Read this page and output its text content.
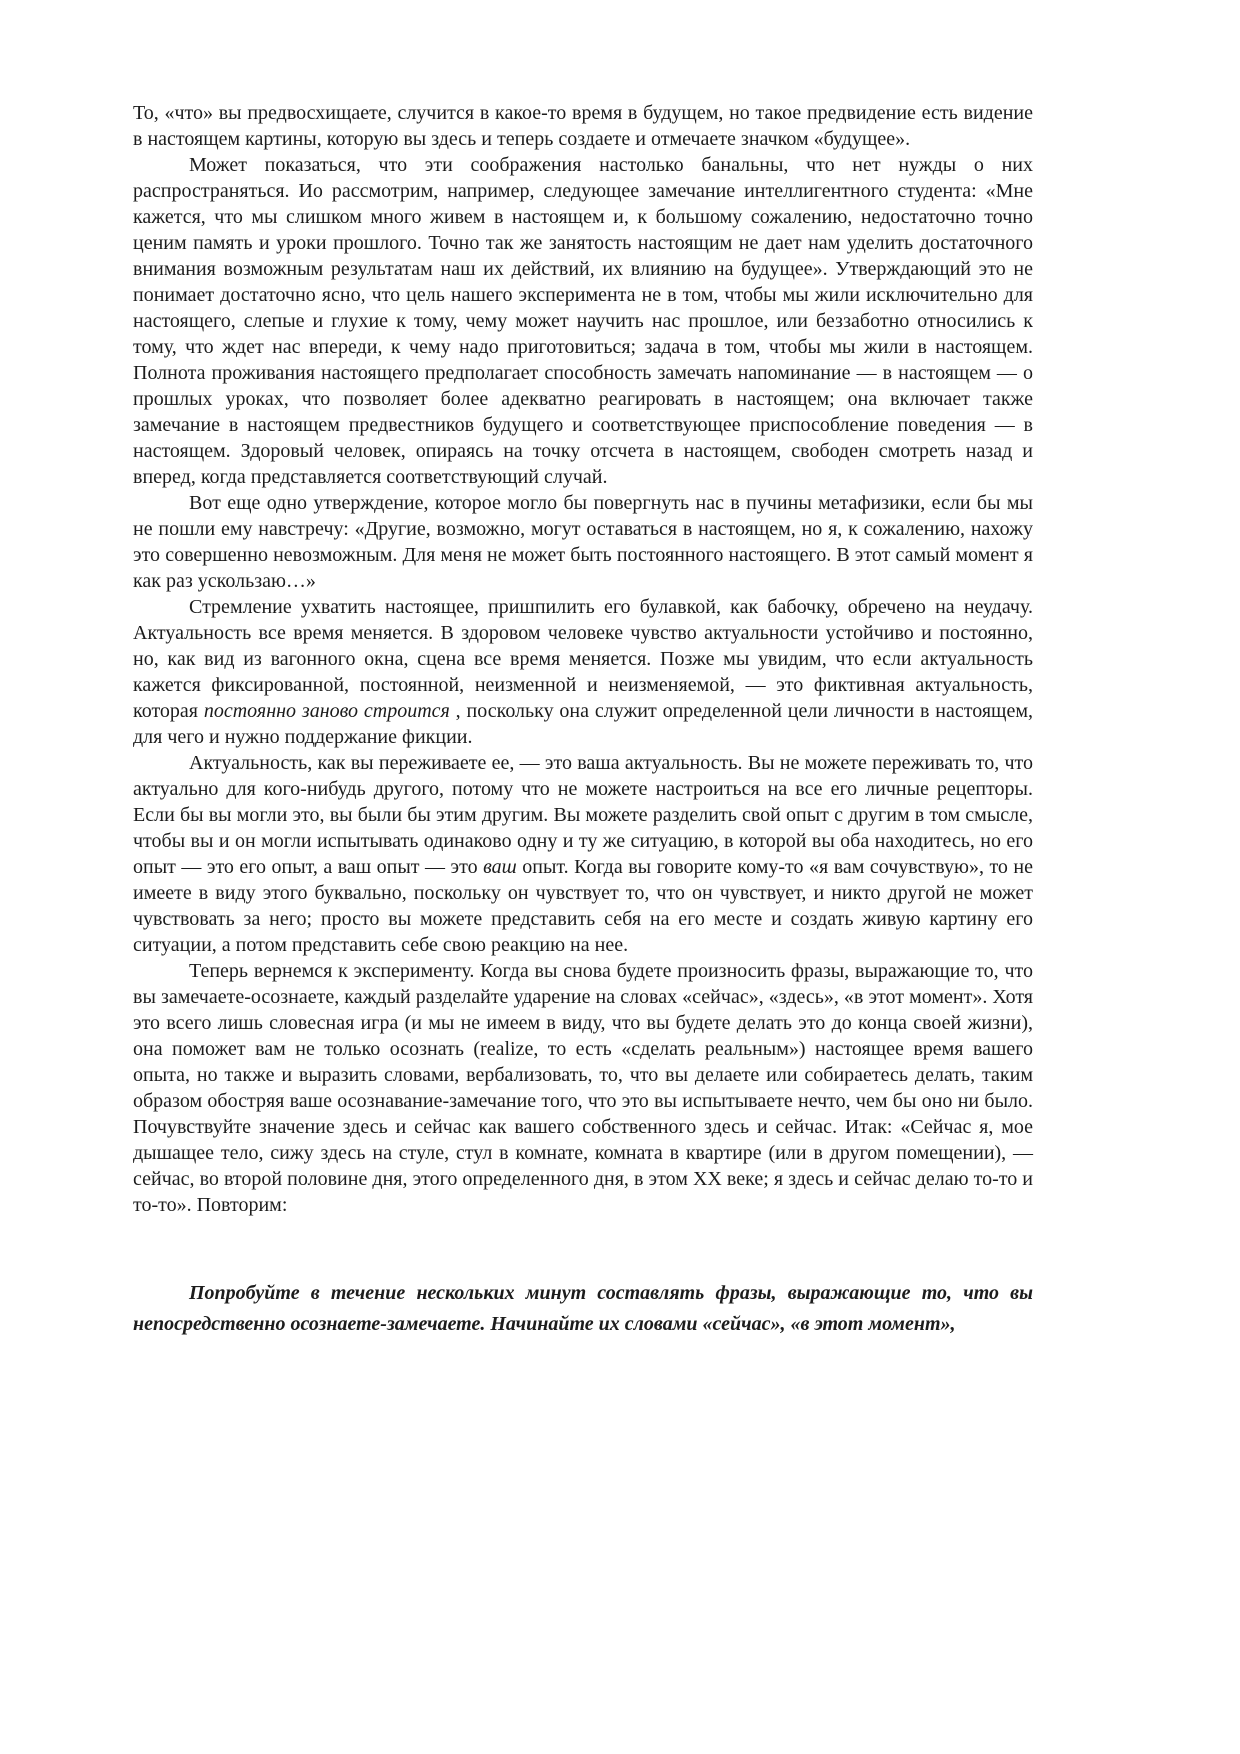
То, «что» вы предвосхищаете, случится в какое-то время в будущем, но такое предвидение есть видение в настоящем картины, которую вы здесь и теперь создаете и отмечаете значком «будущее».

Может показаться, что эти соображения настолько банальны, что нет нужды о них распространяться. Ио рассмотрим, например, следующее замечание интеллигентного студента: «Мне кажется, что мы слишком много живем в настоящем и, к большому сожалению, недостаточно точно ценим память и уроки прошлого. Точно так же занятость настоящим не дает нам уделить достаточного внимания возможным результатам наш их действий, их влиянию на будущее». Утверждающий это не понимает достаточно ясно, что цель нашего эксперимента не в том, чтобы мы жили исключительно для настоящего, слепые и глухие к тому, чему может научить нас прошлое, или беззаботно относились к тому, что ждет нас впереди, к чему надо приготовиться; задача в том, чтобы мы жили в настоящем. Полнота проживания настоящего предполагает способность замечать напоминание — в настоящем — о прошлых уроках, что позволяет более адекватно реагировать в настоящем; она включает также замечание в настоящем предвестников будущего и соответствующее приспособление поведения — в настоящем. Здоровый человек, опираясь на точку отсчета в настоящем, свободен смотреть назад и вперед, когда представляется соответствующий случай.

Вот еще одно утверждение, которое могло бы повергнуть нас в пучины метафизики, если бы мы не пошли ему навстречу: «Другие, возможно, могут оставаться в настоящем, но я, к сожалению, нахожу это совершенно невозможным. Для меня не может быть постоянного настоящего. В этот самый момент я как раз ускользаю…»

Стремление ухватить настоящее, пришпилить его булавкой, как бабочку, обречено на неудачу. Актуальность все время меняется. В здоровом человеке чувство актуальности устойчиво и постоянно, но, как вид из вагонного окна, сцена все время меняется. Позже мы увидим, что если актуальность кажется фиксированной, постоянной, неизменной и неизменяемой, — это фиктивная актуальность, которая постоянно заново строится , поскольку она служит определенной цели личности в настоящем, для чего и нужно поддержание фикции.

Актуальность, как вы переживаете ее, — это ваша актуальность. Вы не можете переживать то, что актуально для кого-нибудь другого, потому что не можете настроиться на все его личные рецепторы. Если бы вы могли это, вы были бы этим другим. Вы можете разделить свой опыт с другим в том смысле, чтобы вы и он могли испытывать одинаково одну и ту же ситуацию, в которой вы оба находитесь, но его опыт — это его опыт, а ваш опыт — это ваш опыт. Когда вы говорите кому-то «я вам сочувствую», то не имеете в виду этого буквально, поскольку он чувствует то, что он чувствует, и никто другой не может чувствовать за него; просто вы можете представить себя на его месте и создать живую картину его ситуации, а потом представить себе свою реакцию на нее.

Теперь вернемся к эксперименту. Когда вы снова будете произносить фразы, выражающие то, что вы замечаете-осознаете, каждый разделайте ударение на словах «сейчас», «здесь», «в этот момент». Хотя это всего лишь словесная игра (и мы не имеем в виду, что вы будете делать это до конца своей жизни), она поможет вам не только осознать (realize, то есть «сделать реальным») настоящее время вашего опыта, но также и выразить словами, вербализовать, то, что вы делаете или собираетесь делать, таким образом обостряя ваше осознавание-замечание того, что это вы испытываете нечто, чем бы оно ни было. Почувствуйте значение здесь и сейчас как вашего собственного здесь и сейчас. Итак: «Сейчас я, мое дышащее тело, сижу здесь на стуле, стул в комнате, комната в квартире (или в другом помещении), — сейчас, во второй половине дня, этого определенного дня, в этом XX веке; я здесь и сейчас делаю то-то и то-то». Повторим:

Попробуйте в течение нескольких минут составлять фразы, выражающие то, что вы непосредственно осознаете-замечаете. Начинайте их словами «сейчас», «в этот момент»,
